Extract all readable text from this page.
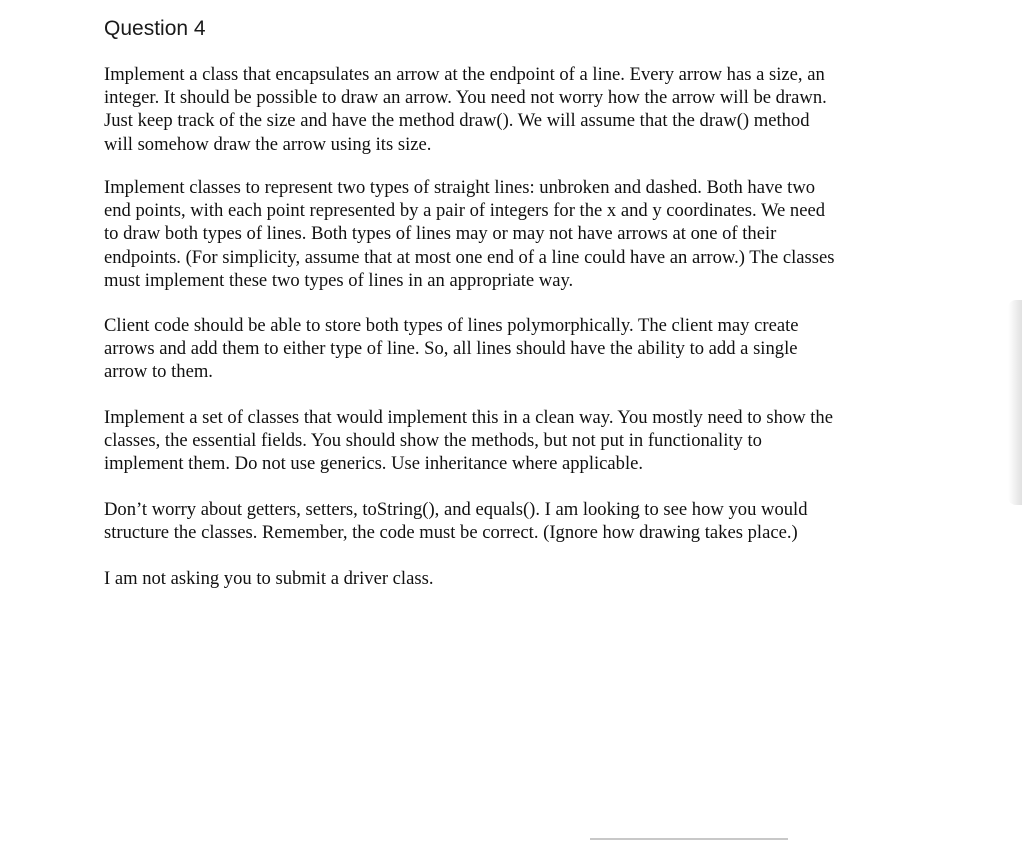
Question 4

Implement a class that encapsulates an arrow at the endpoint of a line. Every arrow has a size, an
integer. It should be possible to draw an arrow. You need not worry how the arrow will be drawn.
Just keep track of the size and have the method draw(). We will assume that the draw() method
will somehow draw the arrow using its size.

Implement classes to represent two types of straight lines: unbroken and dashed. Both have two
end points, with each point represented by a pair of integers for the x and y coordinates. We need
to draw both types of lines. Both types of lines may or may not have arrows at one of their
endpoints. (For simplicity, assume that at most one end of a line could have an arrow.) The classes
must implement these two types of lines in an appropriate way.

Client code should be able to store both types of lines polymorphically. The client may create
arrows and add them to either type of line. So, all lines should have the ability to add a single
arrow to them.

Implement a set of classes that would implement this in a clean way. You mostly need to show the
classes, the essential fields. You should show the methods, but not put in functionality to
implement them. Do not use generics. Use inheritance where applicable.

Don’t worry about getters, setters, toString(), and equals(). I am looking to see how you would
structure the classes. Remember, the code must be correct. (Ignore how drawing takes place.)

I am not asking you to submit a driver class.
